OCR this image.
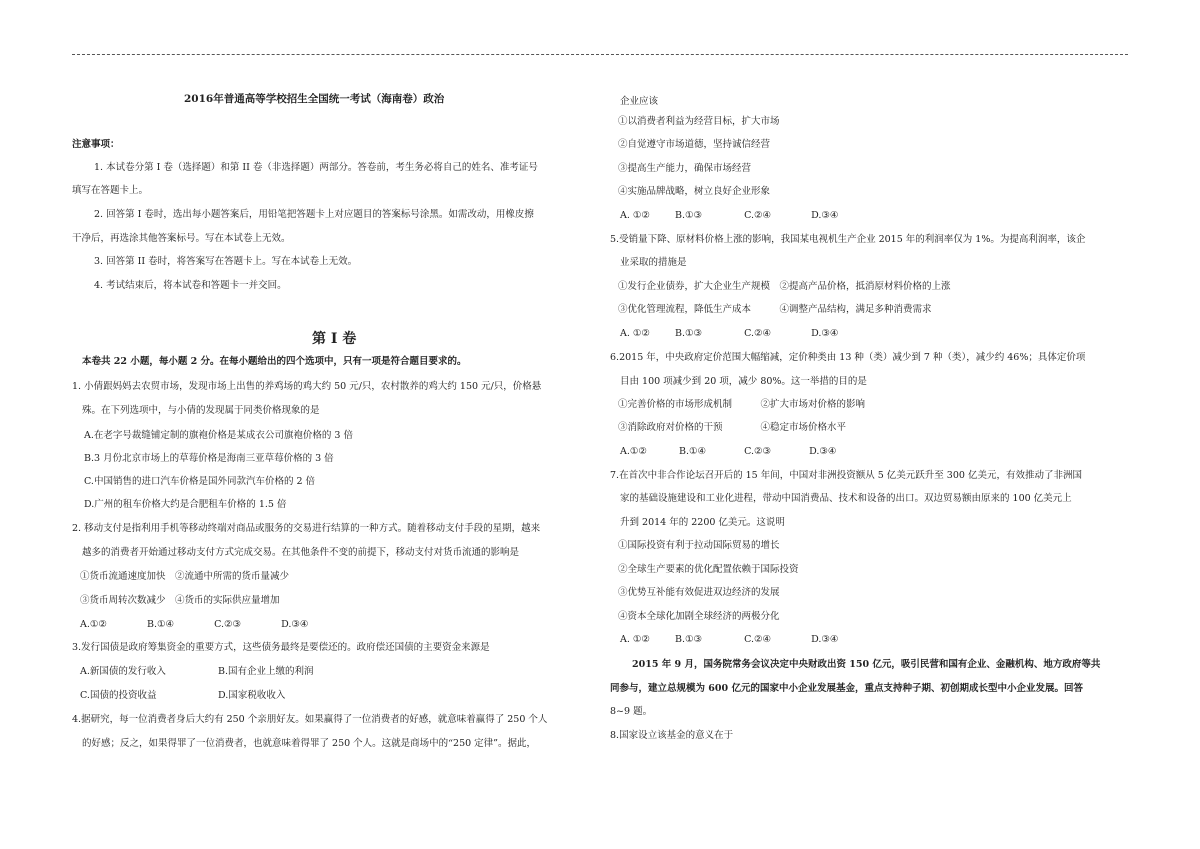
2016年普通高等学校招生全国统一考试（海南卷）政治
注意事项：
1. 本试卷分第 I 卷（选择题）和第 II 卷（非选择题）两部分。答卷前，考生务必将自己的姓名、准考证号
填写在答题卡上。
2. 回答第 I 卷时，选出每小题答案后，用铅笔把答题卡上对应题目的答案标号涂黑。如需改动，用橡皮擦
干净后，再选涂其他答案标号。写在本试卷上无效。
3. 回答第 II 卷时，将答案写在答题卡上。写在本试卷上无效。
4. 考试结束后，将本试卷和答题卡一并交回。
第 I 卷
本卷共 22 小题，每小题 2 分。在每小题给出的四个选项中，只有一项是符合题目要求的。
1. 小倩跟妈妈去农贸市场，发现市场上出售的养鸡场的鸡大约 50 元/只，农村散养的鸡大约 150 元/只，价格悬
殊。在下列选项中，与小倩的发现属于同类价格现象的是
A.在老字号裁缝铺定制的旗袍价格是某成衣公司旗袍价格的 3 倍
B.3 月份北京市场上的草莓价格是海南三亚草莓价格的 3 倍
C.中国销售的进口汽车价格是国外同款汽车价格的 2 倍
D.广州的租车价格大约是合肥租车价格的 1.5 倍
2. 移动支付是指利用手机等移动终端对商品或服务的交易进行结算的一种方式。随着移动支付手段的星期，越来
越多的消费者开始通过移动支付方式完成交易。在其他条件不变的前提下，移动支付对货币流通的影响是
①货币流通速度加快　②流通中所需的货币量减少
③货币周转次数减少　④货币的实际供应量增加
A.①②	B.①④	C.②③	D.③④
3.发行国债是政府筹集资金的重要方式，这些债务最终是要偿还的。政府偿还国债的主要资金来源是
A.新国债的发行收入	B.国有企业上缴的利润
C.国债的投资收益	D.国家税收收入
4.据研究，每一位消费者身后大约有 250 个亲朋好友。如果赢得了一位消费者的好感，就意味着赢得了 250 个人
的好感；反之，如果得罪了一位消费者，也就意味着得罪了 250 个人。这就是商场中的“250 定律”。据此，
企业应该
①以消费者利益为经营目标，扩大市场
②自觉遵守市场道德，坚持诚信经营
③提高生产能力，确保市场经营
④实施品牌战略，树立良好企业形象
A. ①②	B.①③	C.②④	D.③④
5.受销量下降、原材料价格上涨的影响，我国某电视机生产企业 2015 年的利润率仅为 1%。为提高利润率，该企
业采取的措施是
①发行企业债券，扩大企业生产规模　②提高产品价格，抵消原材料价格的上涨
③优化管理流程，降低生产成本　　　④调整产品结构，满足多种消费需求
A. ①②	B.①③	C.②④	D.③④
6.2015 年，中央政府定价范围大幅缩减，定价种类由 13 种（类）减少到 7 种（类），减少约 46%；具体定价项
目由 100 项减少到 20 项，减少 80%。这一举措的目的是
①完善价格的市场形成机制　　　②扩大市场对价格的影响
③消除政府对价格的干预　　　　④稳定市场价格水平
A.①②	B.①④	C.②③	D.③④
7.在首次中非合作论坛召开后的 15 年间，中国对非洲投资额从 5 亿美元跃升至 300 亿美元，有效推动了非洲国
家的基础设施建设和工业化进程，带动中国消费品、技术和设备的出口。双边贸易额由原来的 100 亿美元上
升到 2014 年的 2200 亿美元。这说明
①国际投资有利于拉动国际贸易的增长
②全球生产要素的优化配置依赖于国际投资
③优势互补能有效促进双边经济的发展
④资本全球化加剧全球经济的两极分化
A. ①②	B.①③	C.②④	D.③④
2015 年 9 月，国务院常务会议决定中央财政出资 150 亿元，吸引民营和国有企业、金融机构、地方政府等共
同参与，建立总规模为 600 亿元的国家中小企业发展基金，重点支持种子期、初创期成长型中小企业发展。回答
8~9 题。
8.国家设立该基金的意义在于
